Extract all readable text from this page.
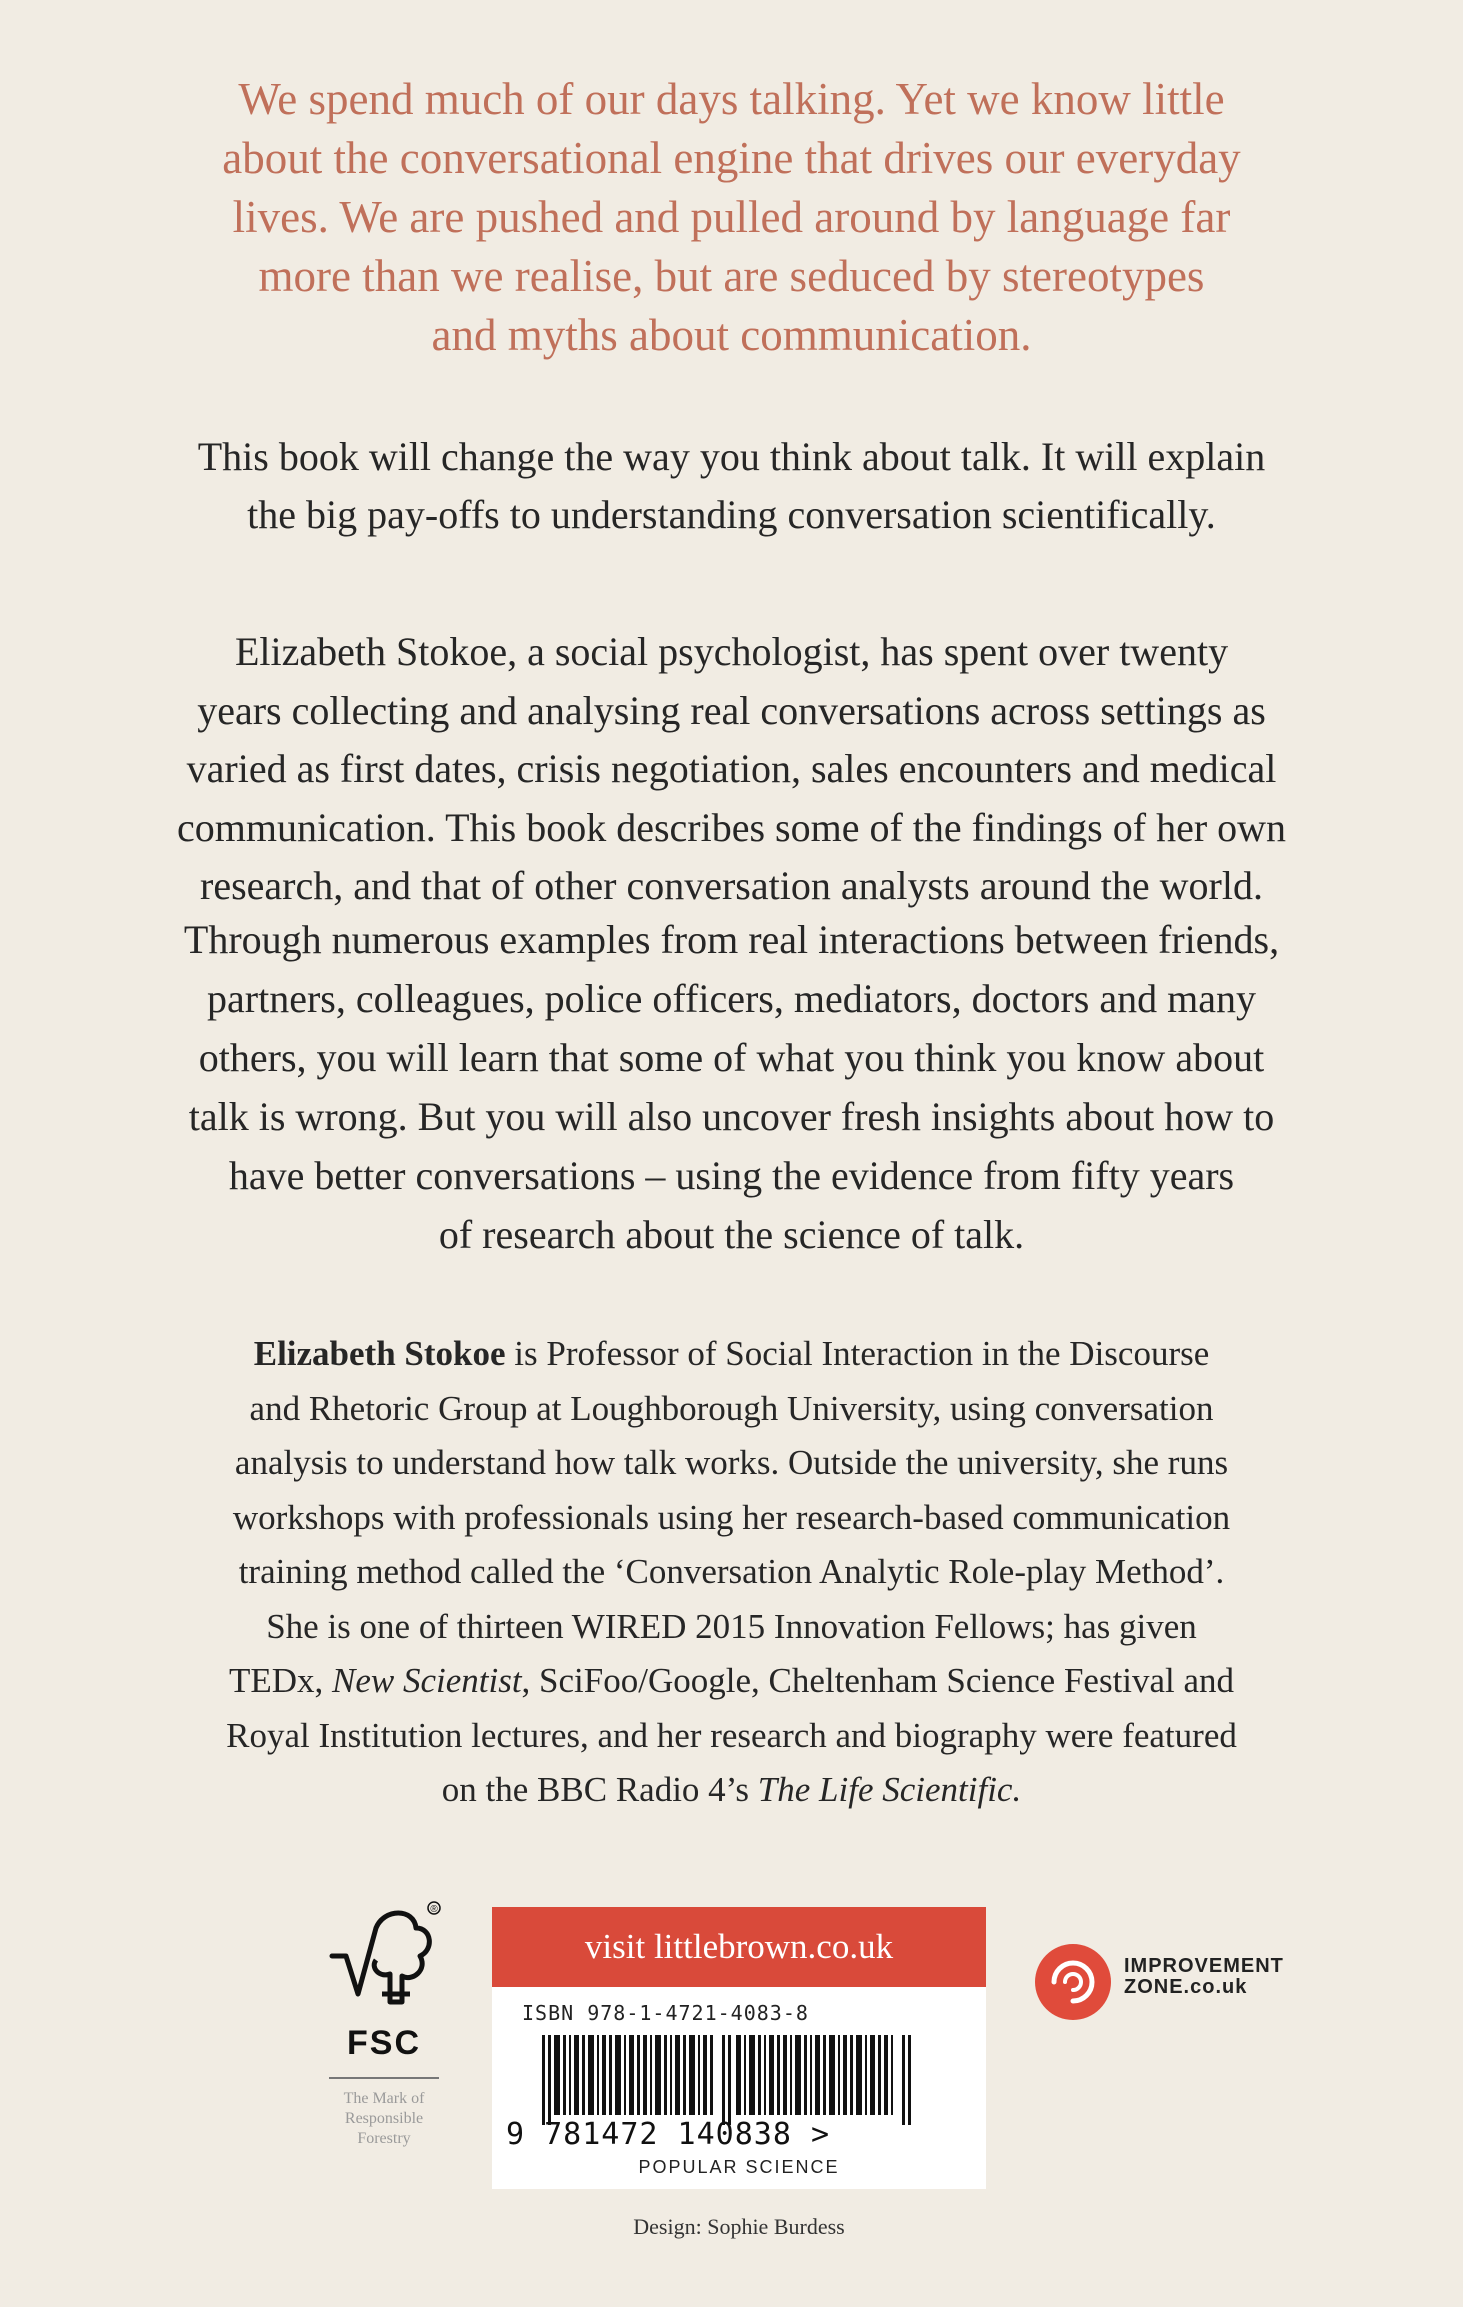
We spend much of our days talking. Yet we know little
about the conversational engine that drives our everyday
lives. We are pushed and pulled around by language far
more than we realise, but are seduced by stereotypes
and myths about communication.
This book will change the way you think about talk. It will explain
the big pay-offs to understanding conversation scientifically.
Elizabeth Stokoe, a social psychologist, has spent over twenty
years collecting and analysing real conversations across settings as
varied as first dates, crisis negotiation, sales encounters and medical
communication. This book describes some of the findings of her own
research, and that of other conversation analysts around the world.
Through numerous examples from real interactions between friends,
partners, colleagues, police officers, mediators, doctors and many
others, you will learn that some of what you think you know about
talk is wrong. But you will also uncover fresh insights about how to
have better conversations – using the evidence from fifty years
of research about the science of talk.
Elizabeth Stokoe is Professor of Social Interaction in the Discourse
and Rhetoric Group at Loughborough University, using conversation
analysis to understand how talk works. Outside the university, she runs
workshops with professionals using her research-based communication
training method called the ‘Conversation Analytic Role-play Method’.
She is one of thirteen WIRED 2015 Innovation Fellows; has given
TEDx, New Scientist, SciFoo/Google, Cheltenham Science Festival and
Royal Institution lectures, and her research and biography were featured
on the BBC Radio 4’s The Life Scientific.
®
FSC
The Mark of
Responsible
Forestry
visit littlebrown.co.uk
ISBN 978-1-4721-4083-8
9 781472 140838 >
POPULAR SCIENCE
IMPROVEMENT
ZONE.co.uk
Design: Sophie Burdess
